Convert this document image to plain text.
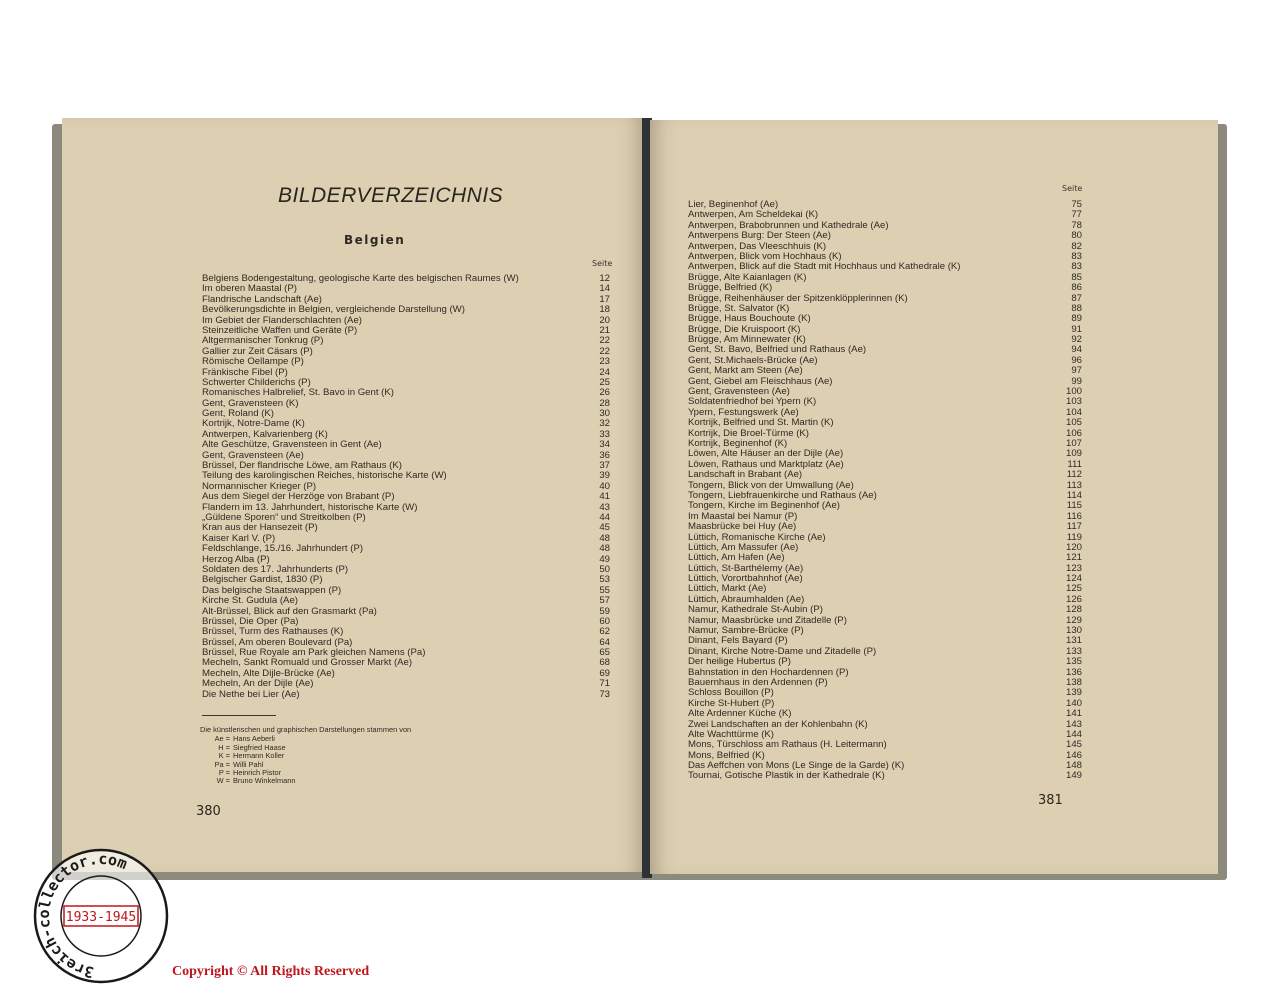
BILDERVERZEICHNIS
Belgien
Seite
Belgiens Bodengestaltung, geologische Karte des belgischen Raumes (W)	12
Im oberen Maastal (P)	14
Flandrische Landschaft (Ae)	17
Bevölkerungsdichte in Belgien, vergleichende Darstellung (W)	18
Im Gebiet der Flanderschlachten (Ae)	20
Steinzeitliche Waffen und Geräte (P)	21
Altgermanischer Tonkrug (P)	22
Gallier zur Zeit Cäsars (P)	22
Römische Oellampe (P)	23
Fränkische Fibel (P)	24
Schwerter Childerichs (P)	25
Romanisches Halbrelief, St. Bavo in Gent (K)	26
Gent, Gravensteen (K)	28
Gent, Roland (K)	30
Kortrijk, Notre-Dame (K)	32
Antwerpen, Kalvarienberg (K)	33
Alte Geschütze, Gravensteen in Gent (Ae)	34
Gent, Gravensteen (Ae)	36
Brüssel, Der flandrische Löwe, am Rathaus (K)	37
Teilung des karolingischen Reiches, historische Karte (W)	39
Normannischer Krieger (P)	40
Aus dem Siegel der Herzöge von Brabant (P)	41
Flandern im 13. Jahrhundert, historische Karte (W)	43
„Güldene Sporen“ und Streitkolben (P)	44
Kran aus der Hansezeit (P)	45
Kaiser Karl V. (P)	48
Feldschlange, 15./16. Jahrhundert (P)	48
Herzog Alba (P)	49
Soldaten des 17. Jahrhunderts (P)	50
Belgischer Gardist, 1830 (P)	53
Das belgische Staatswappen (P)	55
Kirche St. Gudula (Ae)	57
Alt-Brüssel, Blick auf den Grasmarkt (Pa)	59
Brüssel, Die Oper (Pa)	60
Brüssel, Turm des Rathauses (K)	62
Brüssel, Am oberen Boulevard (Pa)	64
Brüssel, Rue Royale am Park gleichen Namens (Pa)	65
Mecheln, Sankt Romuald und Grosser Markt (Ae)	68
Mecheln, Alte Dijle-Brücke (Ae)	69
Mecheln, An der Dijle (Ae)	71
Die Nethe bei Lier (Ae)	73
Die künstlerischen und graphischen Darstellungen stammen von
Ae = Hans Aeberli
H = Siegfried Haase
K = Hermann Koller
Pa = Willi Pahl
P = Heinrich Pistor
W = Bruno Winkelmann
380
Seite
Lier, Beginenhof (Ae)	75
Antwerpen, Am Scheldekai (K)	77
Antwerpen, Brabobrunnen und Kathedrale (Ae)	78
Antwerpens Burg: Der Steen (Ae)	80
Antwerpen, Das Vleeschhuis (K)	82
Antwerpen, Blick vom Hochhaus (K)	83
Antwerpen, Blick auf die Stadt mit Hochhaus und Kathedrale (K)	83
Brügge, Alte Kaianlagen (K)	85
Brügge, Belfried (K)	86
Brügge, Reihenhäuser der Spitzenklöpplerinnen (K)	87
Brügge, St. Salvator (K)	88
Brügge, Haus Bouchoute (K)	89
Brügge, Die Kruispoort (K)	91
Brügge, Am Minnewater (K)	92
Gent, St. Bavo, Belfried und Rathaus (Ae)	94
Gent, St.Michaels-Brücke (Ae)	96
Gent, Markt am Steen (Ae)	97
Gent, Giebel am Fleischhaus (Ae)	99
Gent, Gravensteen (Ae)	100
Soldatenfriedhof bei Ypern (K)	103
Ypern, Festungswerk (Ae)	104
Kortrijk, Belfried und St. Martin (K)	105
Kortrijk, Die Broel-Türme (K)	106
Kortrijk, Beginenhof (K)	107
Löwen, Alte Häuser an der Dijle (Ae)	109
Löwen, Rathaus und Marktplatz (Ae)	111
Landschaft in Brabant (Ae)	112
Tongern, Blick von der Umwallung (Ae)	113
Tongern, Liebfrauenkirche und Rathaus (Ae)	114
Tongern, Kirche im Beginenhof (Ae)	115
Im Maastal bei Namur (P)	116
Maasbrücke bei Huy (Ae)	117
Lüttich, Romanische Kirche (Ae)	119
Lüttich, Am Massufer (Ae)	120
Lüttich, Am Hafen (Ae)	121
Lüttich, St-Barthélemy (Ae)	123
Lüttich, Vorortbahnhof (Ae)	124
Lüttich, Markt (Ae)	125
Lüttich, Abraumhalden (Ae)	126
Namur, Kathedrale St-Aubin (P)	128
Namur, Maasbrücke und Zitadelle (P)	129
Namur, Sambre-Brücke (P)	130
Dinant, Fels Bayard (P)	131
Dinant, Kirche Notre-Dame und Zitadelle (P)	133
Der heilige Hubertus (P)	135
Bahnstation in den Hochardennen (P)	136
Bauernhaus in den Ardennen (P)	138
Schloss Bouillon (P)	139
Kirche St-Hubert (P)	140
Alte Ardenner Küche (K)	141
Zwei Landschaften an der Kohlenbahn (K)	143
Alte Wachttürme (K)	144
Mons, Türschloss am Rathaus (H. Leitermann)	145
Mons, Belfried (K)	146
Das Aeffchen von Mons (Le Singe de la Garde) (K)	148
Tournai, Gotische Plastik in der Kathedrale (K)	149
381
3reich-collector.com
1933-1945
Copyright © All Rights Reserved
